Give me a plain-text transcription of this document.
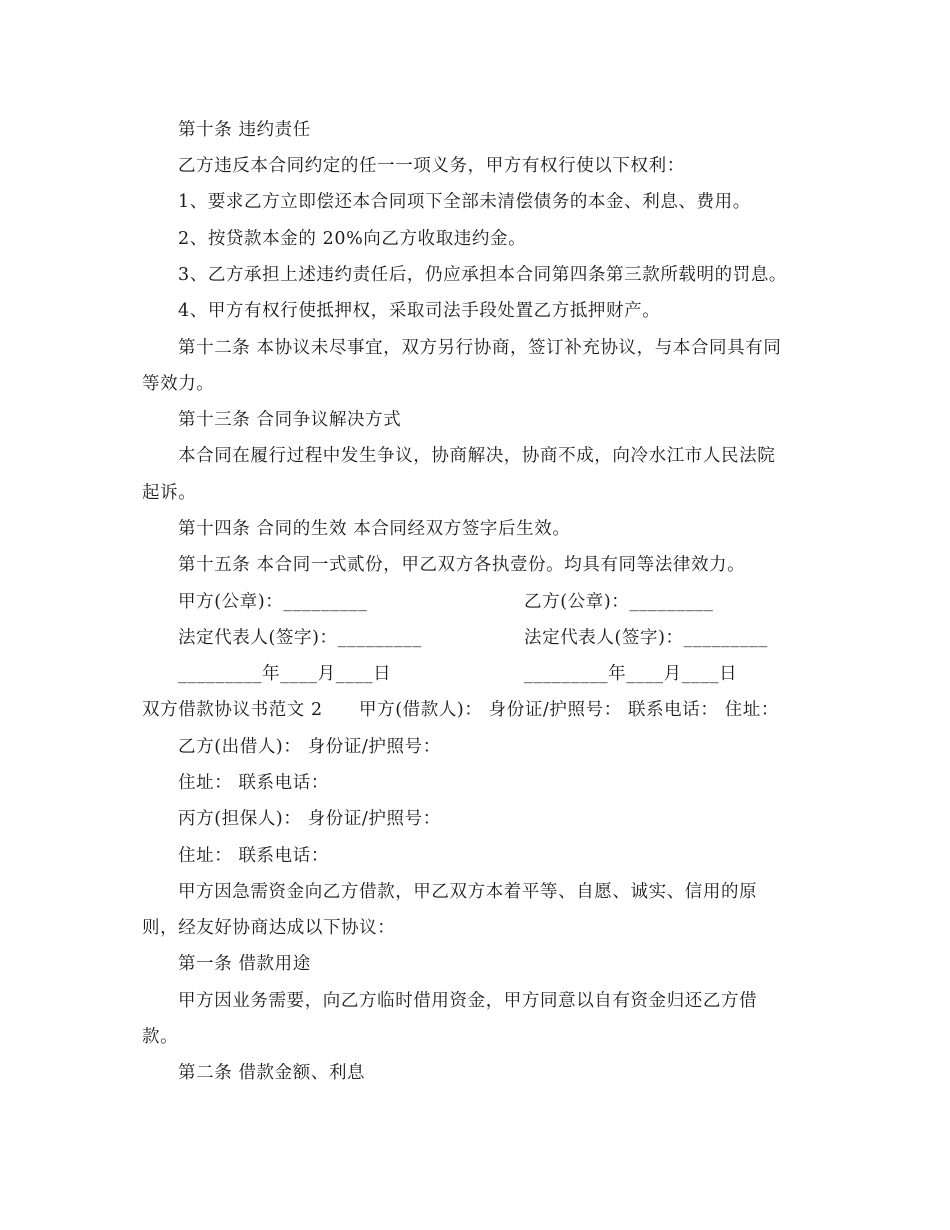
第十条 违约责任
乙方违反本合同约定的任一一项义务，甲方有权行使以下权利：
1、要求乙方立即偿还本合同项下全部未清偿债务的本金、利息、费用。
2、按贷款本金的 20%向乙方收取违约金。
3、乙方承担上述违约责任后，仍应承担本合同第四条第三款所载明的罚息。
4、甲方有权行使抵押权，采取司法手段处置乙方抵押财产。
第十二条 本协议未尽事宜，双方另行协商，签订补充协议，与本合同具有同
等效力。
第十三条 合同争议解决方式
本合同在履行过程中发生争议，协商解决，协商不成，向冷水江市人民法院
起诉。
第十四条 合同的生效 本合同经双方签字后生效。
第十五条 本合同一式贰份，甲乙双方各执壹份。均具有同等法律效力。
甲方(公章)：_________	乙方(公章)：_________
法定代表人(签字)：_________	法定代表人(签字)：_________
_________年____月____日	_________年____月____日
双方借款协议书范文 2　　甲方(借款人)： 身份证/护照号： 联系电话： 住址：
乙方(出借人)： 身份证/护照号：
住址： 联系电话：
丙方(担保人)： 身份证/护照号：
住址： 联系电话：
甲方因急需资金向乙方借款，甲乙双方本着平等、自愿、诚实、信用的原
则，经友好协商达成以下协议：
第一条 借款用途
甲方因业务需要，向乙方临时借用资金，甲方同意以自有资金归还乙方借
款。
第二条 借款金额、利息
